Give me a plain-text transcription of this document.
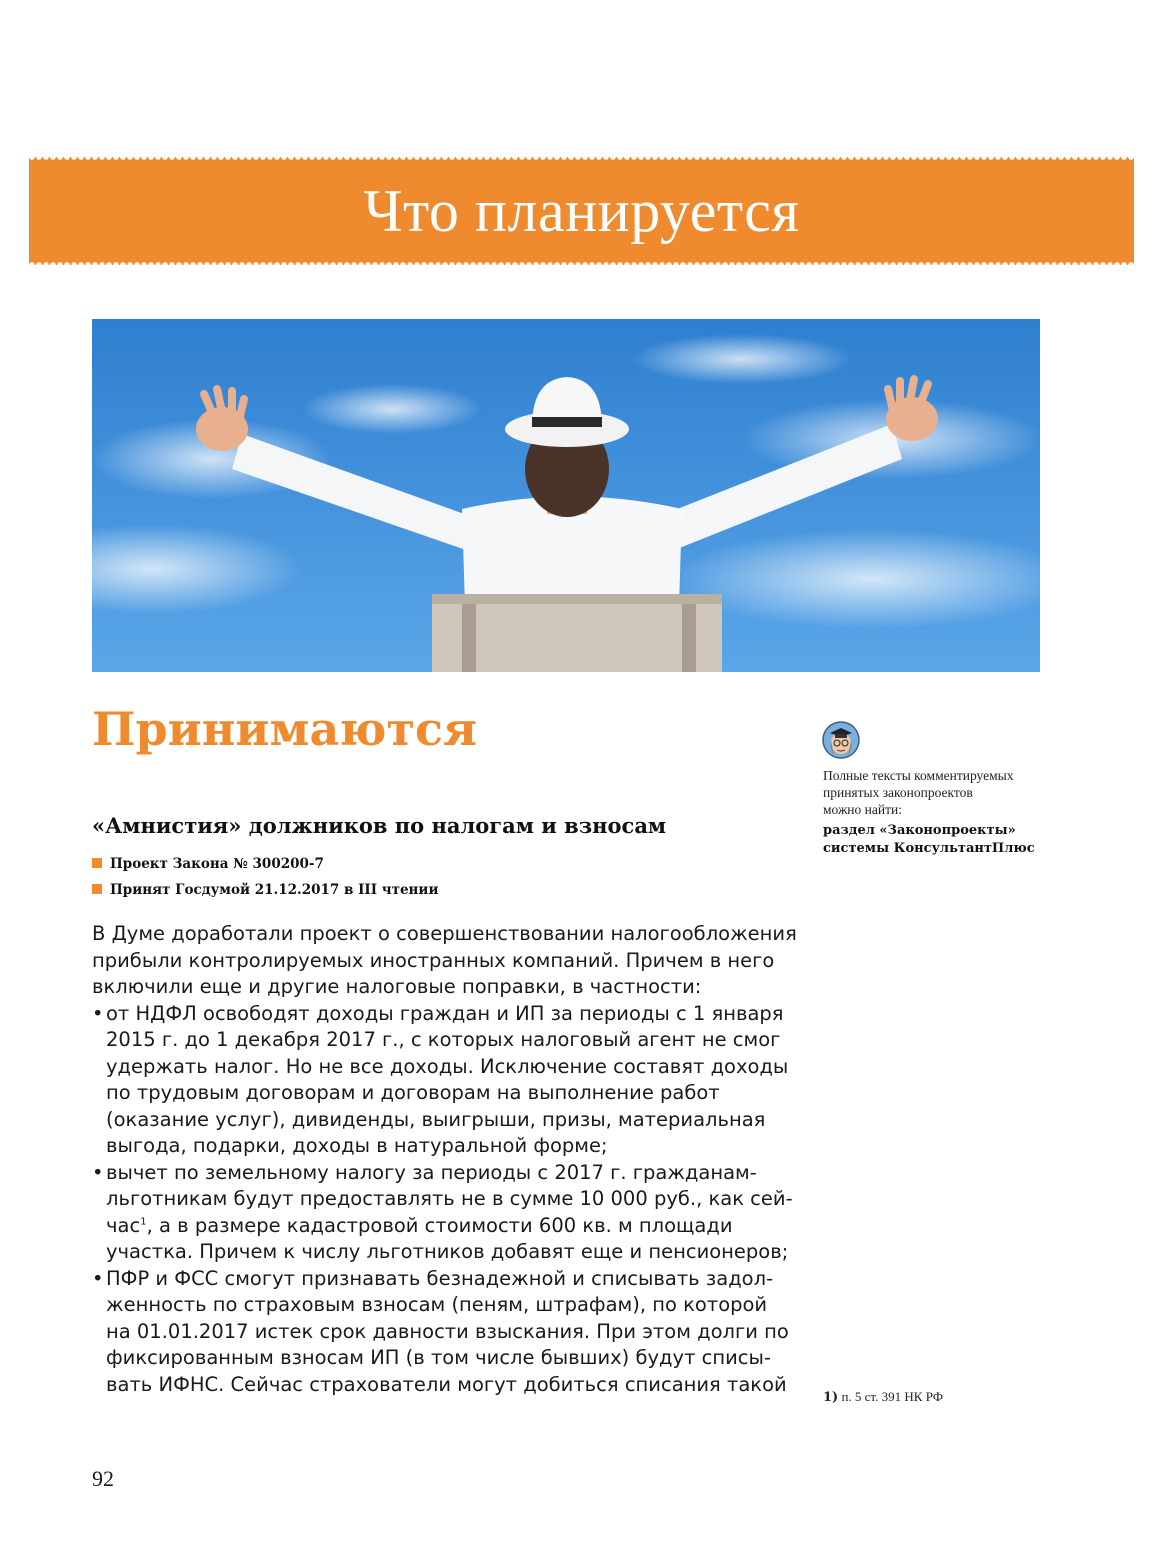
Что планируется
Принимаются
«Амнистия» должников по налогам и взносам
Проект Закона № 300200-7
Принят Госдумой 21.12.2017 в III чтении
В Думе доработали проект о совершенствовании налогообложения
прибыли контролируемых иностранных компаний. Причем в него
включили еще и другие налоговые поправки, в частности:
• от НДФЛ освободят доходы граждан и ИП за периоды с 1 января
2015 г. до 1 декабря 2017 г., с которых налоговый агент не смог
удержать налог. Но не все доходы. Исключение составят доходы
по трудовым договорам и договорам на выполнение работ
(оказание услуг), дивиденды, выигрыши, призы, материальная
выгода, подарки, доходы в натуральной форме;
• вычет по земельному налогу за периоды с 2017 г. гражданам-
льготникам будут предоставлять не в сумме 10 000 руб., как сей-
час$^1$, а в размере кадастровой стоимости 600 кв. м площади
участка. Причем к числу льготников добавят еще и пенсионеров;
• ПФР и ФСС смогут признавать безнадежной и списывать задол-
женность по страховым взносам (пеням, штрафам), по которой
на 01.01.2017 истек срок давности взыскания. При этом долги по
фиксированным взносам ИП (в том числе бывших) будут списы-
вать ИФНС. Сейчас страхователи могут добиться списания такой
Полные тексты комментируемых
принятых законопроектов
можно найти:
раздел «Законопроекты»
системы КонсультантПлюс
1) п. 5 ст. 391 НК РФ
92
